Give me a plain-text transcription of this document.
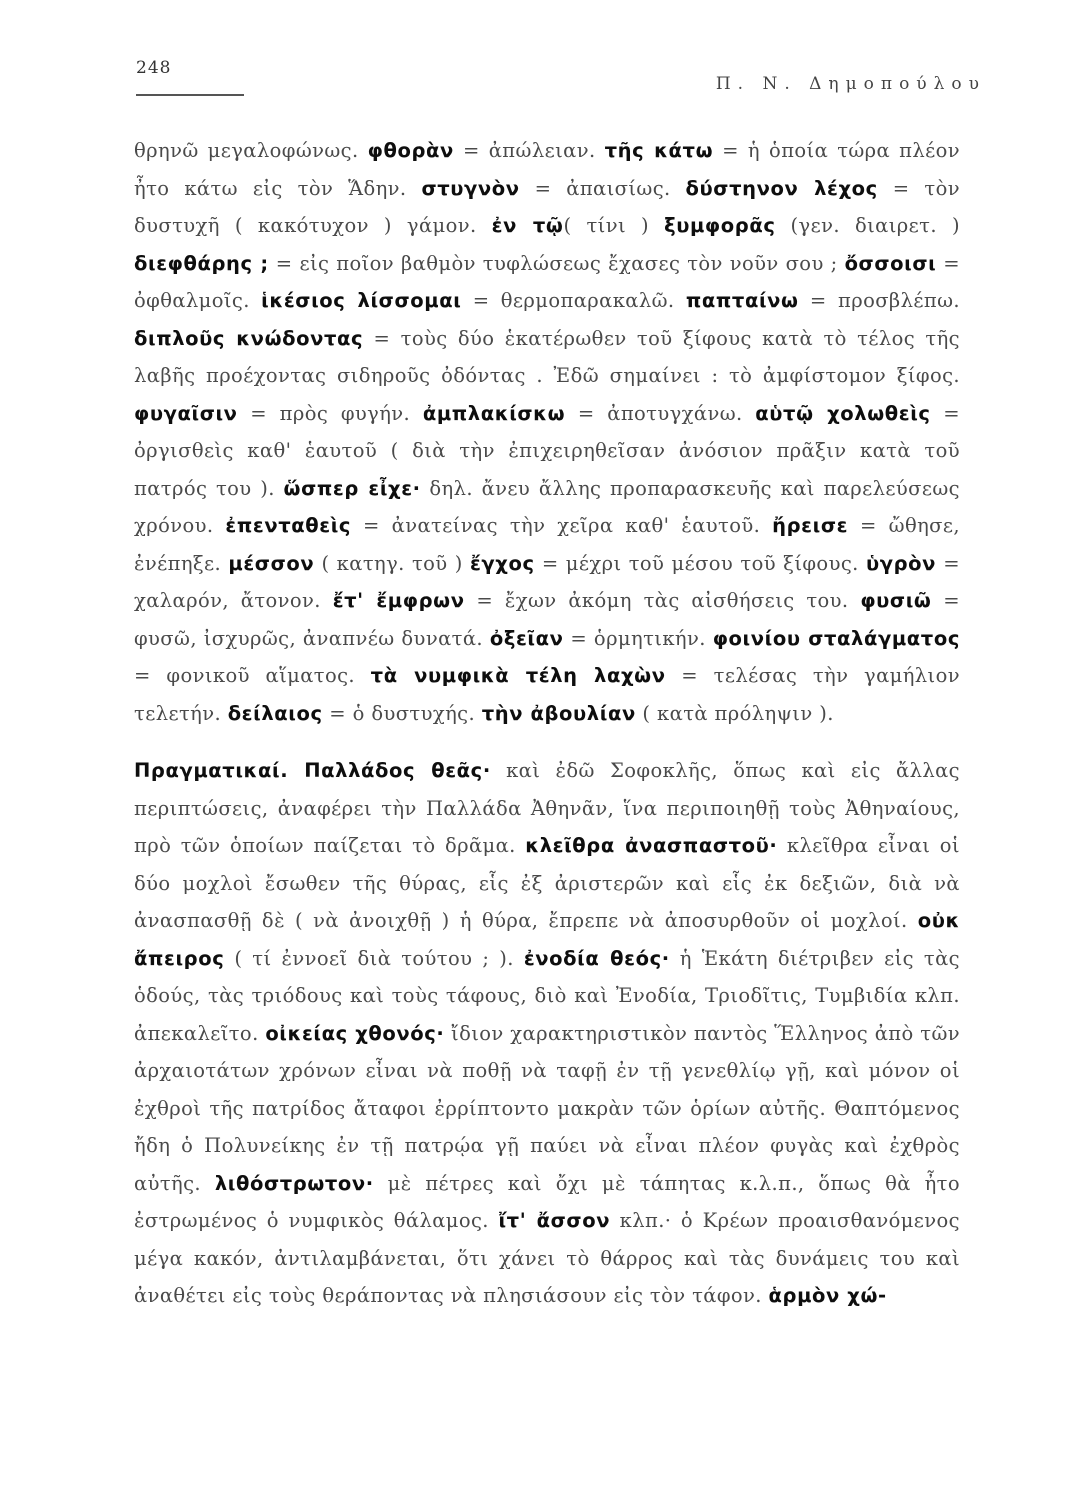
248
Π. Ν. Δημοπούλου

θρηνῶ μεγαλοφώνως. φθορὰν = ἀπώλειαν. τῆς κάτω = ἡ ὁποία τώρα πλέον ἦτο κάτω εἰς τὸν Ἅδην. στυγνὸν = ἀπαισίως. δύστηνον λέχος = τὸν δυστυχῆ ( κακότυχον ) γάμον. ἐν τῷ( τίνι ) ξυμφορᾶς (γεν. διαιρετ. ) διεφθάρης ; = εἰς ποῖον βαθμὸν τυφλώσεως ἔχασες τὸν νοῦν σου ; ὄσσοισι = ὀφθαλμοῖς. ἱκέσιος λίσσομαι = θερμοπαρακαλῶ. παπταίνω = προσβλέπω. διπλοῦς κνώδοντας = τοὺς δύο ἑκατέρωθεν τοῦ ξίφους κατὰ τὸ τέλος τῆς λαβῆς προέχοντας σιδηροῦς ὀδόντας . Ἐδῶ σημαίνει : τὸ ἀμφίστομον ξίφος. φυγαῖσιν = πρὸς φυγήν. ἀμπλακίσκω = ἀποτυγχάνω. αὑτῷ χολωθεὶς = ὀργισθεὶς καθ' ἑαυτοῦ ( διὰ τὴν ἐπιχειρηθεῖσαν ἀνόσιον πρᾶξιν κατὰ τοῦ πατρός του ). ὥσπερ εἶχε· δηλ. ἄνευ ἄλλης προπαρασκευῆς καὶ παρελεύσεως χρόνου. ἐπενταθεὶς = ἀνατείνας τὴν χεῖρα καθ' ἑαυτοῦ. ἤρεισε = ὤθησε, ἐνέπηξε. μέσσον ( κατηγ. τοῦ ) ἔγχος = μέχρι τοῦ μέσου τοῦ ξίφους. ὑγρὸν = χαλαρόν, ἄτονον. ἔτ' ἔμφρων = ἔχων ἀκόμη τὰς αἰσθήσεις του. φυσιῶ = φυσῶ, ἰσχυρῶς, ἀναπνέω δυνατά. ὀξεῖαν = ὁρμητικήν. φοινίου σταλάγματος = φονικοῦ αἵματος. τὰ νυμφικὰ τέλη λαχὼν = τελέσας τὴν γαμήλιον τελετήν. δείλαιος = ὁ δυστυχής. τὴν ἀβουλίαν ( κατὰ πρόληψιν ).

Πραγματικαί. Παλλάδος θεᾶς· καὶ ἐδῶ Σοφοκλῆς, ὅπως καὶ εἰς ἄλλας περιπτώσεις, ἀναφέρει τὴν Παλλάδα Ἀθηνᾶν, ἵνα περιποιηθῇ τοὺς Ἀθηναίους, πρὸ τῶν ὁποίων παίζεται τὸ δρᾶμα. κλεῖθρα ἀνασπαστοῦ· κλεῖθρα εἶναι οἱ δύο μοχλοὶ ἔσωθεν τῆς θύρας, εἷς ἐξ ἀριστερῶν καὶ εἷς ἐκ δεξιῶν, διὰ νὰ ἀνασπασθῇ δὲ ( νὰ ἀνοιχθῇ ) ἡ θύρα, ἔπρεπε νὰ ἀποσυρθοῦν οἱ μοχλοί. οὐκ ἄπειρος ( τί ἐννοεῖ διὰ τούτου ; ). ἐνοδία θεός· ἡ Ἑκάτη διέτριβεν εἰς τὰς ὁδούς, τὰς τριόδους καὶ τοὺς τάφους, διὸ καὶ Ἐνοδία, Τριοδῖτις, Τυμβιδία κλπ. ἀπεκαλεῖτο. οἰκείας χθονός· ἴδιον χαρακτηριστικὸν παντὸς Ἕλληνος ἀπὸ τῶν ἀρχαιοτάτων χρόνων εἶναι νὰ ποθῇ νὰ ταφῇ ἐν τῇ γενεθλίῳ γῇ, καὶ μόνον οἱ ἐχθροὶ τῆς πατρίδος ἄταφοι ἐρρίπτοντο μακρὰν τῶν ὁρίων αὐτῆς. Θαπτόμενος ἤδη ὁ Πολυνείκης ἐν τῇ πατρῴα γῇ παύει νὰ εἶναι πλέον φυγὰς καὶ ἐχθρὸς αὐτῆς. λιθόστρωτον· μὲ πέτρες καὶ ὄχι μὲ τάπητας κ.λ.π., ὅπως θὰ ἦτο ἐστρωμένος ὁ νυμφικὸς θάλαμος. ἴτ' ἄσσον κλπ.· ὁ Κρέων προαισθανόμενος μέγα κακόν, ἀντιλαμβάνεται, ὅτι χάνει τὸ θάρρος καὶ τὰς δυνάμεις του καὶ ἀναθέτει εἰς τοὺς θεράποντας νὰ πλησιάσουν εἰς τὸν τάφον. ἁρμὸν χώ-
